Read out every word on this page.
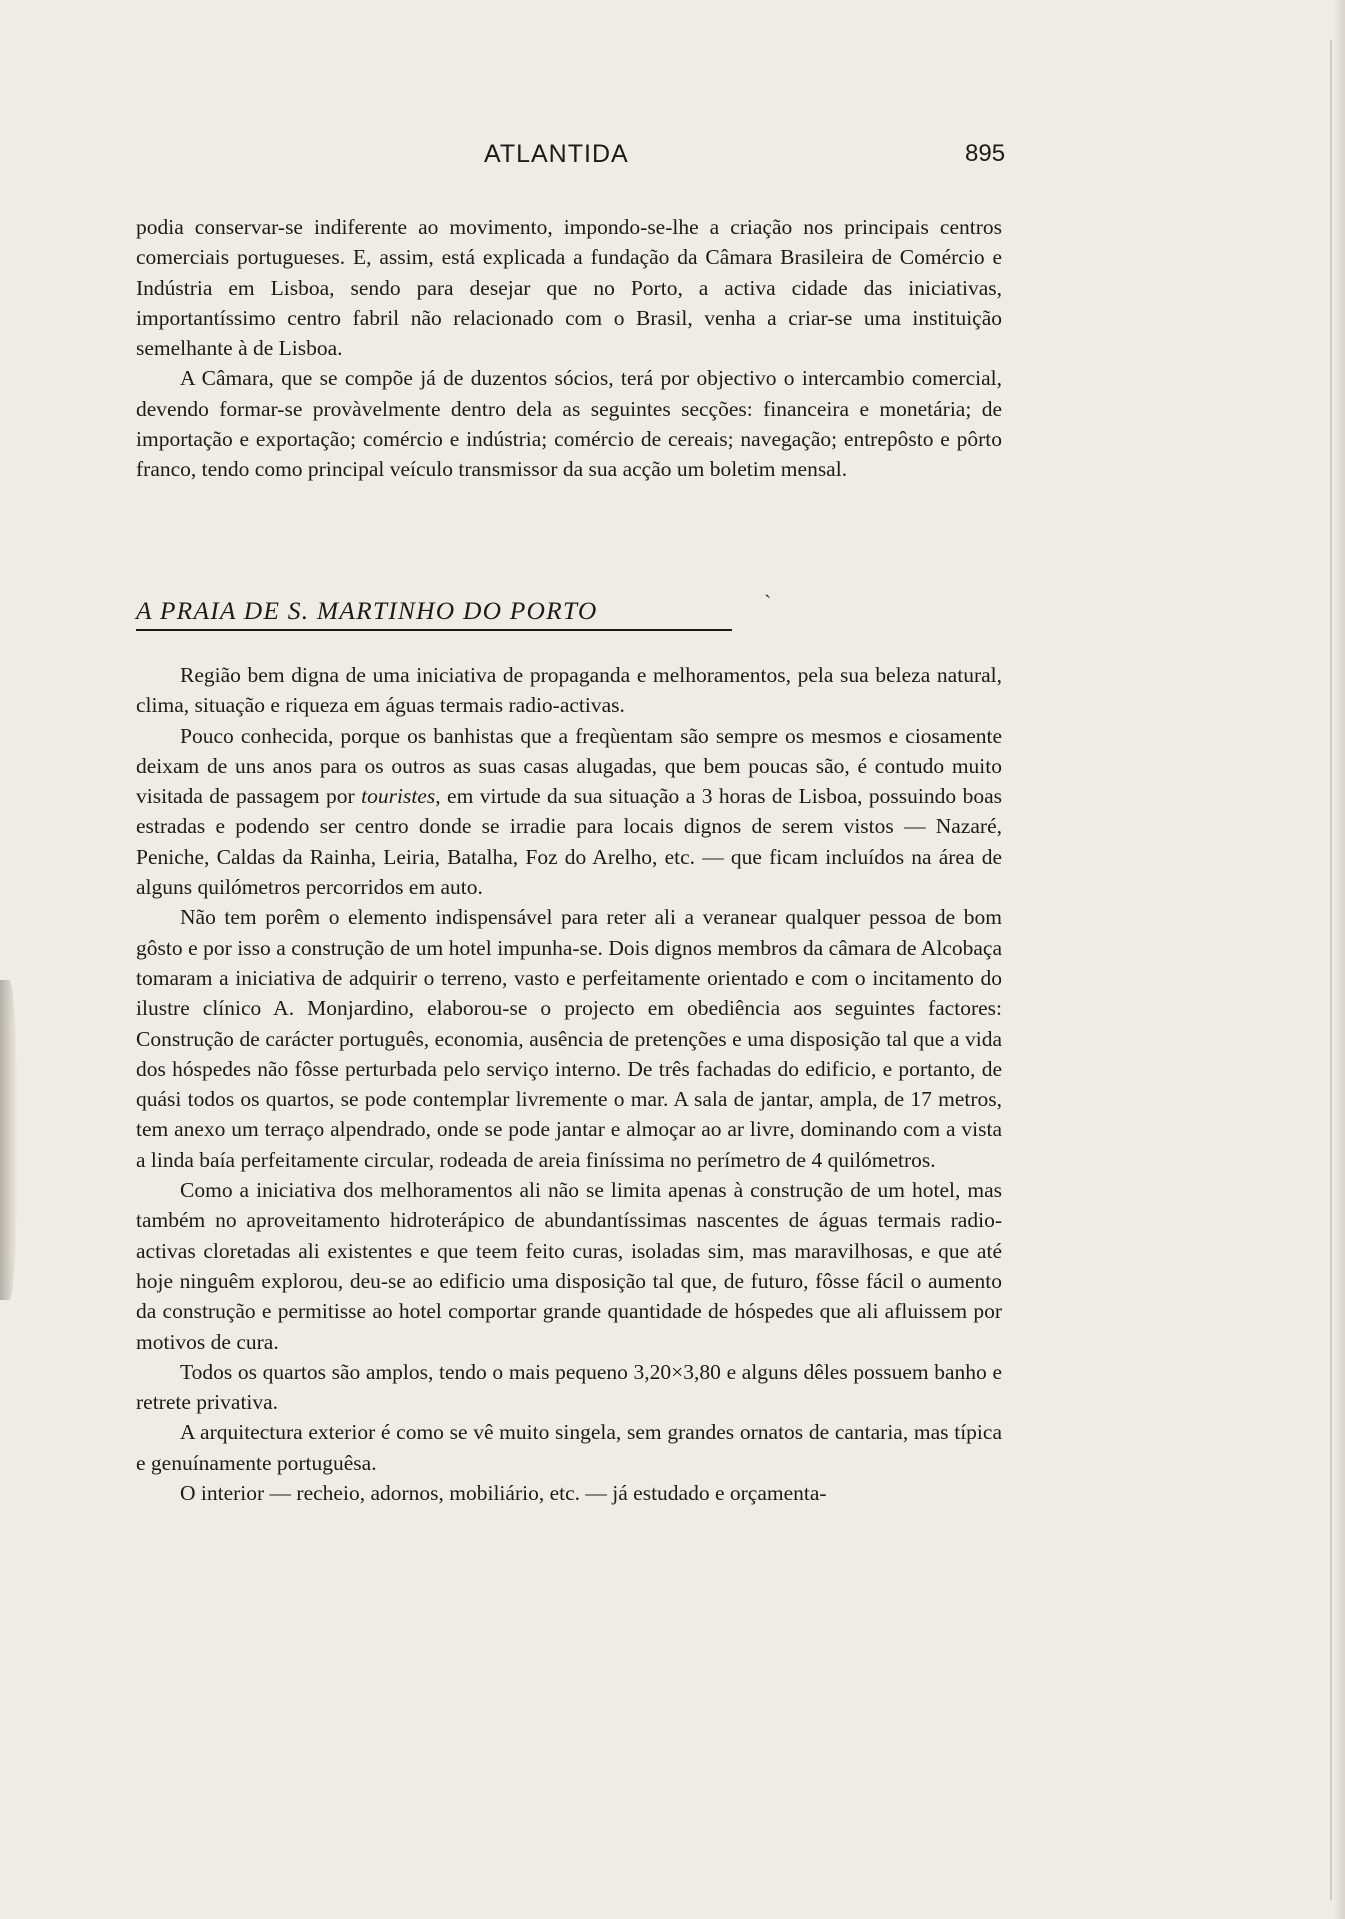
ATLANTIDA	895

podia conservar-se indiferente ao movimento, impondo-se-lhe a criação nos principais centros comerciais portugueses. E, assim, está explicada a fundação da Câmara Brasileira de Comércio e Indústria em Lisboa, sendo para desejar que no Porto, a activa cidade das iniciativas, importantíssimo centro fabril não relacionado com o Brasil, venha a criar-se uma instituição semelhante à de Lisboa.

A Câmara, que se compõe já de duzentos sócios, terá por objectivo o intercambio comercial, devendo formar-se provàvelmente dentro dela as seguintes secções: financeira e monetária; de importação e exportação; comércio e indústria; comércio de cereais; navegação; entrepôsto e pôrto franco, tendo como principal veículo transmissor da sua acção um boletim mensal.

A PRAIA DE S. MARTINHO DO PORTO	`

Região bem digna de uma iniciativa de propaganda e melhoramentos, pela sua beleza natural, clima, situação e riqueza em águas termais radio-activas.

Pouco conhecida, porque os banhistas que a freqùentam são sempre os mesmos e ciosamente deixam de uns anos para os outros as suas casas alugadas, que bem poucas são, é contudo muito visitada de passagem por touristes, em virtude da sua situação a 3 horas de Lisboa, possuindo boas estradas e podendo ser centro donde se irradie para locais dignos de serem vistos — Nazaré, Peniche, Caldas da Rainha, Leiria, Batalha, Foz do Arelho, etc. — que ficam incluídos na área de alguns quilómetros percorridos em auto.

Não tem porêm o elemento indispensável para reter ali a veranear qualquer pessoa de bom gôsto e por isso a construção de um hotel impunha-se. Dois dignos membros da câmara de Alcobaça tomaram a iniciativa de adquirir o terreno, vasto e perfeitamente orientado e com o incitamento do ilustre clínico A. Monjardino, elaborou-se o projecto em obediência aos seguintes factores: Construção de carácter português, economia, ausência de pretenções e uma disposição tal que a vida dos hóspedes não fôsse perturbada pelo serviço interno. De três fachadas do edificio, e portanto, de quási todos os quartos, se pode contemplar livremente o mar. A sala de jantar, ampla, de 17 metros, tem anexo um terraço alpendrado, onde se pode jantar e almoçar ao ar livre, dominando com a vista a linda baía perfeitamente circular, rodeada de areia finíssima no perímetro de 4 quilómetros.

Como a iniciativa dos melhoramentos ali não se limita apenas à construção de um hotel, mas também no aproveitamento hidroterápico de abundantíssimas nascentes de águas termais radio-activas cloretadas ali existentes e que teem feito curas, isoladas sim, mas maravilhosas, e que até hoje ninguêm explorou, deu-se ao edificio uma disposição tal que, de futuro, fôsse fácil o aumento da construção e permitisse ao hotel comportar grande quantidade de hóspedes que ali afluissem por motivos de cura.

Todos os quartos são amplos, tendo o mais pequeno 3,20×3,80 e alguns dêles possuem banho e retrete privativa.

A arquitectura exterior é como se vê muito singela, sem grandes ornatos de cantaria, mas típica e genuínamente portuguêsa.

O interior — recheio, adornos, mobiliário, etc. — já estudado e orçamenta-
